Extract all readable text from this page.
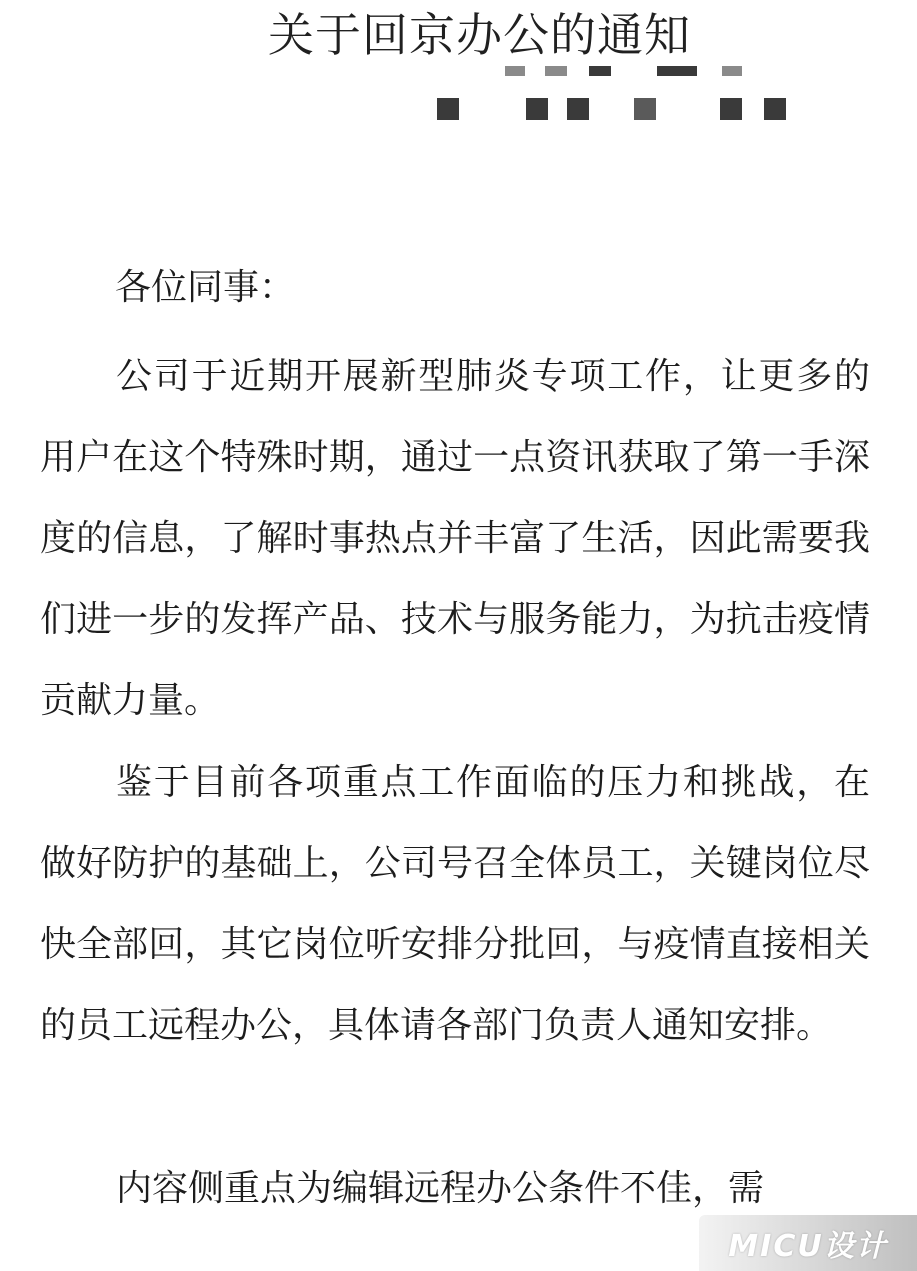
关于回京办公的通知
各位同事：

公司于近期开展新型肺炎专项工作，让更多的用户在这个特殊时期，通过一点资讯获取了第一手深度的信息，了解时事热点并丰富了生活，因此需要我们进一步的发挥产品、技术与服务能力，为抗击疫情贡献力量。

鉴于目前各项重点工作面临的压力和挑战，在做好防护的基础上，公司号召全体员工，关键岗位尽快全部回，其它岗位听安排分批回，与疫情直接相关的员工远程办公，具体请各部门负责人通知安排。

内容侧重点为编辑远程办公条件不佳，需

MICU设计
